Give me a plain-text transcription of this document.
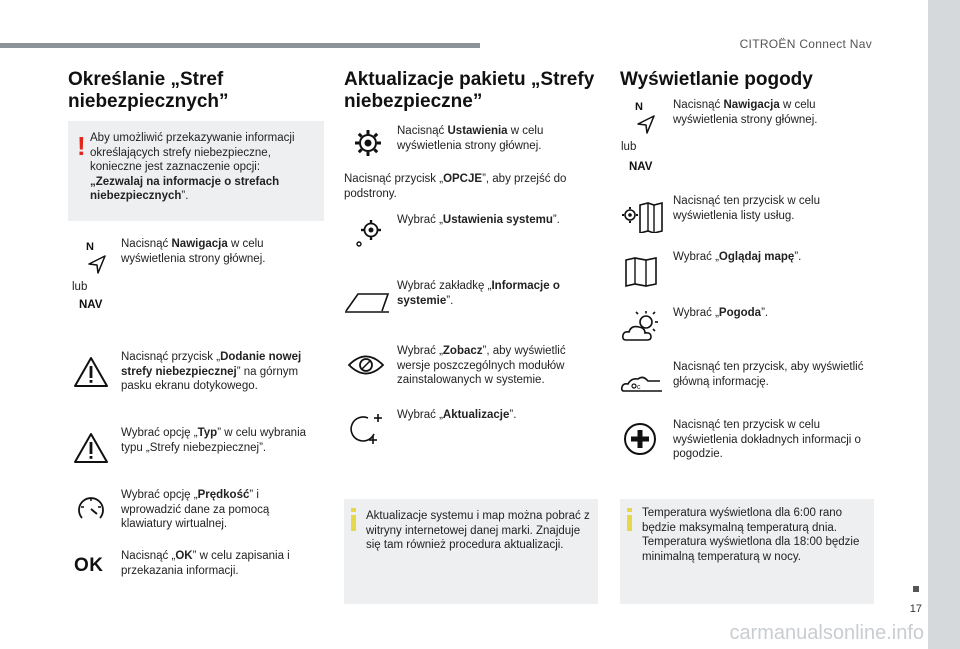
CITROËN Connect Nav
17
carmanualsonline.info
Określanie „Stref niebezpiecznych”
! Aby umożliwić przekazywanie informacji określających strefy niebezpieczne, konieczne jest zaznaczenie opcji: „Zezwalaj na informacje o strefach niebezpiecznych”.
N Nacisnąć Nawigacja w celu wyświetlenia strony głównej.
lub
NAV
Nacisnąć przycisk „Dodanie nowej strefy niebezpiecznej” na górnym pasku ekranu dotykowego.
Wybrać opcję „Typ” w celu wybrania typu „Strefy niebezpiecznej”.
Wybrać opcję „Prędkość” i wprowadzić dane za pomocą klawiatury wirtualnej.
OK Nacisnąć „OK” w celu zapisania i przekazania informacji.
Aktualizacje pakietu „Strefy niebezpieczne”
Nacisnąć Ustawienia w celu wyświetlenia strony głównej.
Nacisnąć przycisk „OPCJE”, aby przejść do podstrony.
Wybrać „Ustawienia systemu”.
Wybrać zakładkę „Informacje o systemie”.
Wybrać „Zobacz”, aby wyświetlić wersje poszczególnych modułów zainstalowanych w systemie.
Wybrać „Aktualizacje”.
Aktualizacje systemu i map można pobrać z witryny internetowej danej marki. Znajduje się tam również procedura aktualizacji.
Wyświetlanie pogody
N	Nacisnąć Nawigacja w celu wyświetlenia strony głównej.
lub
NAV
Nacisnąć ten przycisk w celu wyświetlenia listy usług.
Wybrać „Oglądaj mapę”.
Wybrać „Pogoda”.
c
Nacisnąć ten przycisk, aby wyświetlić główną informację.
Nacisnąć ten przycisk w celu wyświetlenia dokładnych informacji o pogodzie.
Temperatura wyświetlona dla 6:00 rano będzie maksymalną temperaturą dnia. Temperatura wyświetlona dla 18:00 będzie minimalną temperaturą w nocy.
